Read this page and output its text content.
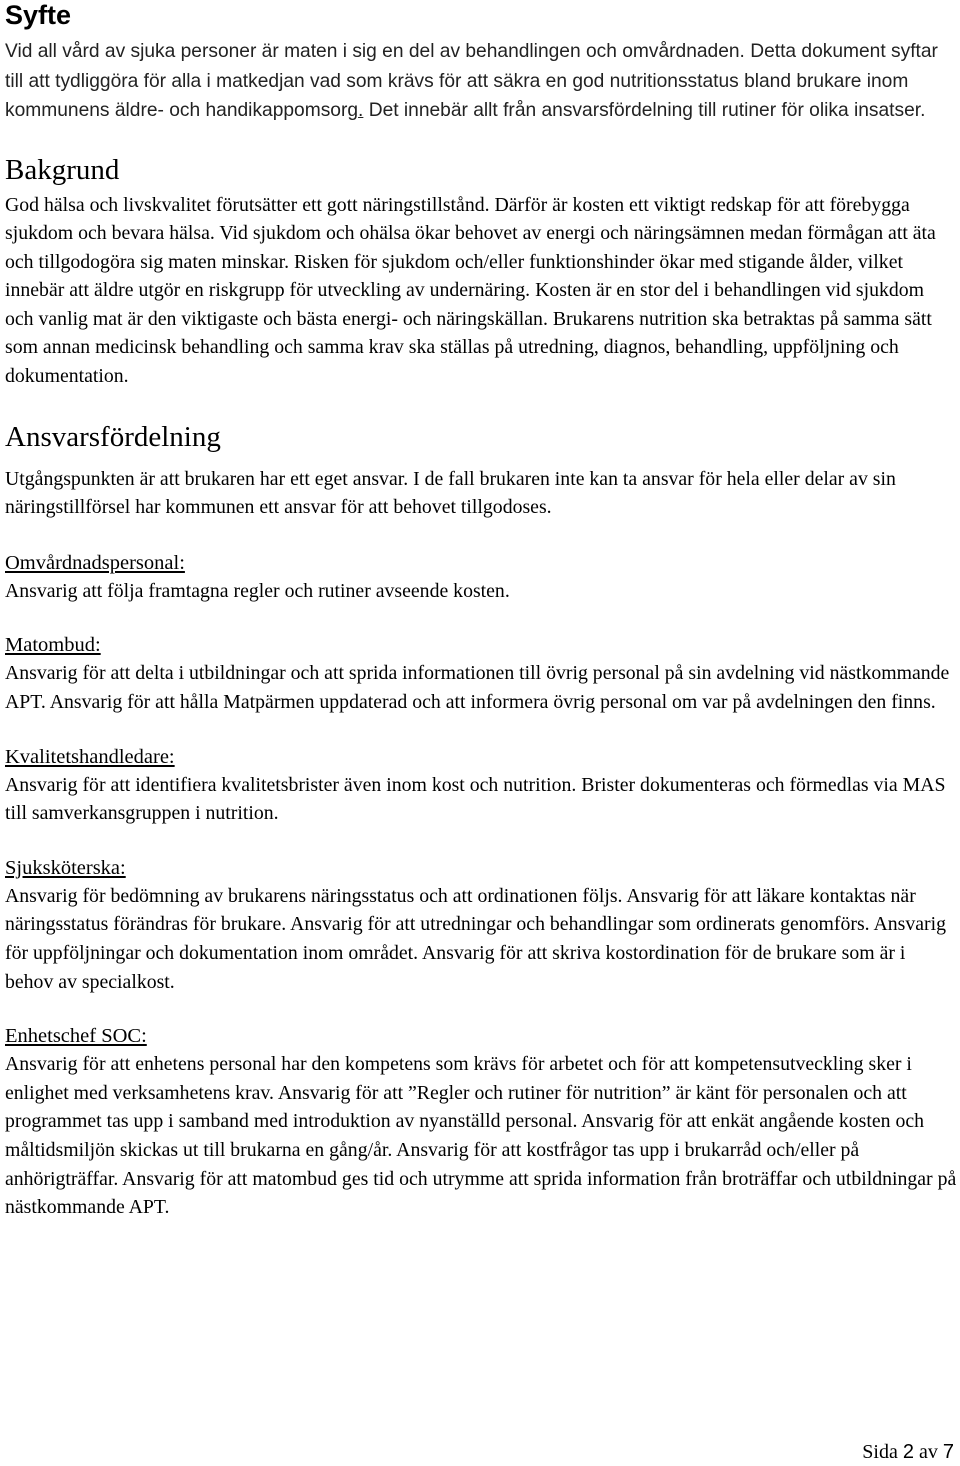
Syfte

Vid all vård av sjuka personer är maten i sig en del av behandlingen och omvårdnaden. Detta dokument syftar till att tydliggöra för alla i matkedjan vad som krävs för att säkra en god nutritionsstatus bland brukare inom kommunens äldre- och handikappomsorg. Det innebär allt från ansvarsfördelning till rutiner för olika insatser.

Bakgrund

God hälsa och livskvalitet förutsätter ett gott näringstillstånd. Därför är kosten ett viktigt redskap för att förebygga sjukdom och bevara hälsa. Vid sjukdom och ohälsa ökar behovet av energi och näringsämnen medan förmågan att äta och tillgodogöra sig maten minskar. Risken för sjukdom och/eller funktionshinder ökar med stigande ålder, vilket innebär att äldre utgör en riskgrupp för utveckling av undernäring. Kosten är en stor del i behandlingen vid sjukdom och vanlig mat är den viktigaste och bästa energi- och näringskällan. Brukarens nutrition ska betraktas på samma sätt som annan medicinsk behandling och samma krav ska ställas på utredning, diagnos, behandling, uppföljning och dokumentation.

Ansvarsfördelning

Utgångspunkten är att brukaren har ett eget ansvar. I de fall brukaren inte kan ta ansvar för hela eller delar av sin näringstillförsel har kommunen ett ansvar för att behovet tillgodoses.

Omvårdnadspersonal:

Ansvarig att följa framtagna regler och rutiner avseende kosten.

Matombud:

Ansvarig för att delta i utbildningar och att sprida informationen till övrig personal på sin avdelning vid nästkommande APT. Ansvarig för att hålla Matpärmen uppdaterad och att informera övrig personal om var på avdelningen den finns.

Kvalitetshandledare:

Ansvarig för att identifiera kvalitetsbrister även inom kost och nutrition. Brister dokumenteras och förmedlas via MAS till samverkansgruppen i nutrition.

Sjuksköterska:

Ansvarig för bedömning av brukarens näringsstatus och att ordinationen följs. Ansvarig för att läkare kontaktas när näringsstatus förändras för brukare. Ansvarig för att utredningar och behandlingar som ordinerats genomförs. Ansvarig för uppföljningar och dokumentation inom området. Ansvarig för att skriva kostordination för de brukare som är i behov av specialkost.

Enhetschef SOC:

Ansvarig för att enhetens personal har den kompetens som krävs för arbetet och för att kompetensutveckling sker i enlighet med verksamhetens krav. Ansvarig för att ”Regler och rutiner för nutrition” är känt för personalen och att programmet tas upp i samband med introduktion av nyanställd personal. Ansvarig för att enkät angående kosten och måltidsmiljön skickas ut till brukarna en gång/år. Ansvarig för att kostfrågor tas upp i brukarråd och/eller på anhörigträffar. Ansvarig för att matombud ges tid och utrymme att sprida information från broträffar och utbildningar på nästkommande APT.

Sida 2 av 7
